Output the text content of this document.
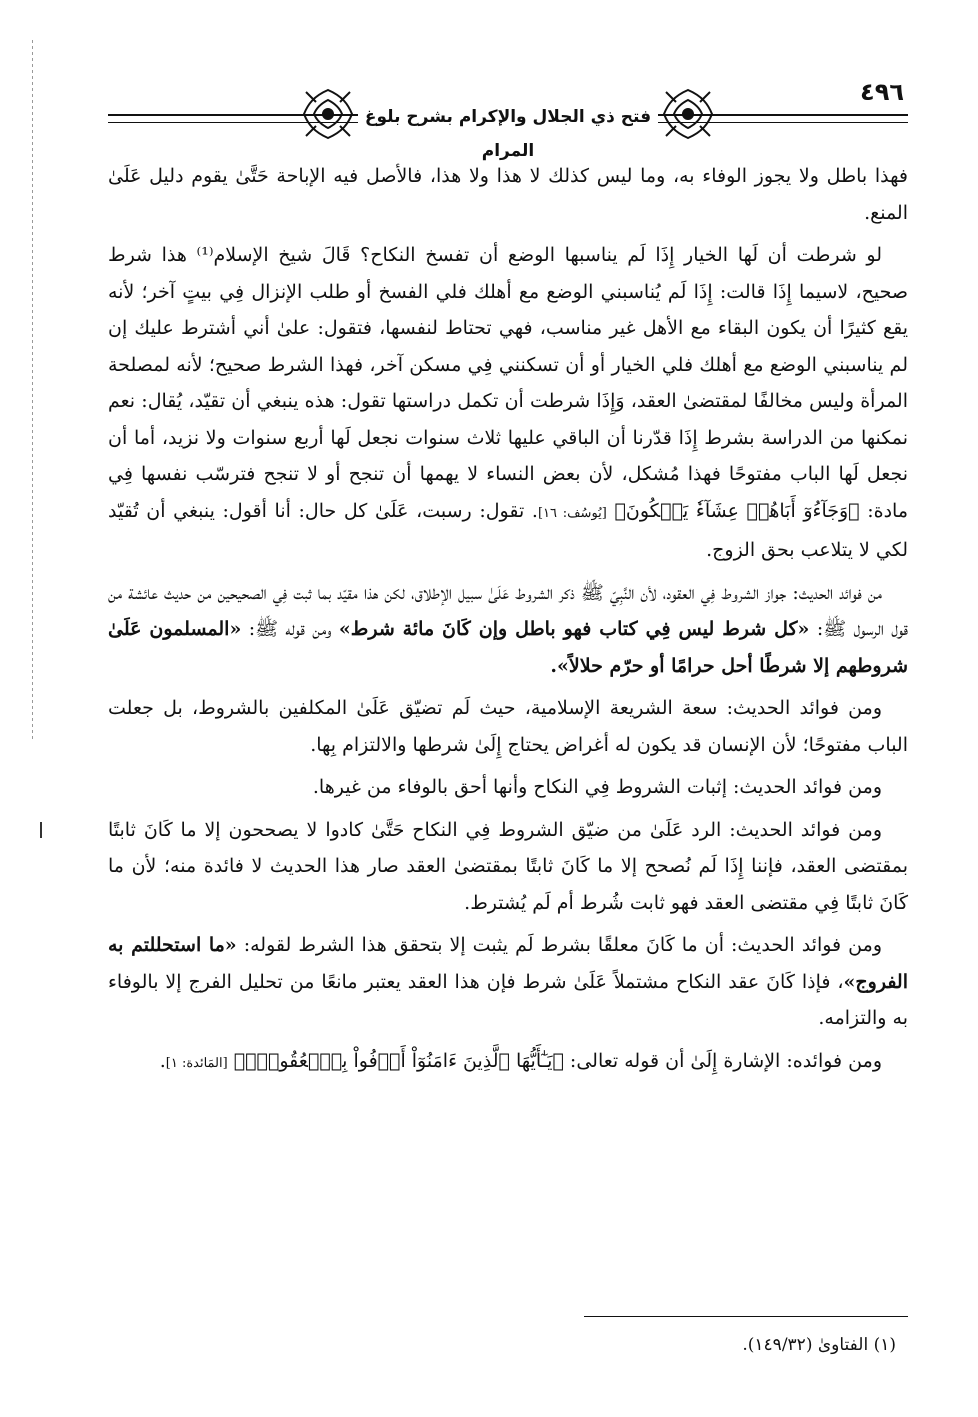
فتح ذي الجلال والإكرام بشرح بلوغ المرام
٤٩٦

فهذا باطل ولا يجوز الوفاء به، وما ليس كذلك لا هذا ولا هذا، فالأصل فيه الإباحة حَتَّىٰ يقوم دليل عَلَىٰ المنع.

لو شرطت أن لَها الخيار إِذَا لَم يناسبها الوضع أن تفسخ النكاح؟ قَالَ شيخ الإسلام⁽¹⁾ هذا شرط صحيح، لاسيما إِذَا قالت: إِذَا لَم يُناسبني الوضع مع أهلك فلي الفسخ أو طلب الإنزال فِي بيتٍ آخر؛ لأنه يقع كثيرًا أن يكون البقاء مع الأهل غير مناسب، فهي تحتاط لنفسها، فتقول: علىٰ أني أشترط عليك إن لم يناسبني الوضع مع أهلك فلي الخيار أو أن تسكنني فِي مسكن آخر، فهذا الشرط صحيح؛ لأنه لمصلحة المرأة وليس مخالفًا لمقتضىٰ العقد، وَإِذَا شرطت أن تكمل دراستها تقول: هذه ينبغي أن تقيّد، يُقال: نعم نمكنها من الدراسة بشرط إِذَا قدّرنا أن الباقي عليها ثلاث سنوات نجعل لَها أربع سنوات ولا نزيد، أما أن نجعل لَها الباب مفتوحًا فهذا مُشكل، لأن بعض النساء لا يهمها أن تنجح أو لا تنجح فترسّب نفسها فِي مادة: ﴿وَجَآءُوٓ أَبَاهُمۡ عِشَآءٗ يَبۡكُونَ﴾ [يُوسُف: ١٦]. تقول: رسبت، عَلَىٰ كل حال: أنا أقول: ينبغي أن تُقيّد لكي لا يتلاعب بحق الزوج.

من فوائد الحديث: جواز الشروط فِي العقود، لأن النَّبِيّ ﷺ ذكر الشروط عَلَىٰ سبيل الإطلاق، لكن هذا مقيّد بما ثبت فِي الصحيحين من حديث عائشة من قول الرسول ﷺ: «كل شرط ليس فِي كتاب فهو باطل وإن كَانَ مائة شرط» ومن قوله ﷺ: «المسلمون عَلَىٰ شروطهم إلا شرطًا أحل حرامًا أو حرّم حلالاً».

ومن فوائد الحديث: سعة الشريعة الإسلامية، حيث لَم تضيّق عَلَىٰ المكلفين بالشروط، بل جعلت الباب مفتوحًا؛ لأن الإنسان قد يكون له أغراض يحتاج إِلَىٰ شرطها والالتزام بِها.

ومن فوائد الحديث: إثبات الشروط فِي النكاح وأنها أحق بالوفاء من غيرها.

ومن فوائد الحديث: الرد عَلَىٰ من ضيّق الشروط فِي النكاح حَتَّىٰ كادوا لا يصححون إلا ما كَانَ ثابتًا بمقتضى العقد، فإننا إِذَا لَم نُصحح إلا ما كَانَ ثابتًا بمقتضىٰ العقد صار هذا الحديث لا فائدة منه؛ لأن ما كَانَ ثابتًا فِي مقتضى العقد فهو ثابت شُرط أم لَم يُشترط.

ومن فوائد الحديث: أن ما كَانَ معلقًا بشرط لَم يثبت إلا بتحقق هذا الشرط لقوله: «ما استحللتم به الفروج»، فإذا كَانَ عقد النكاح مشتملاً عَلَىٰ شرط فإن هذا العقد يعتبر مانعًا من تحليل الفرج إلا بالوفاء به والتزامه.

ومن فوائده: الإشارة إِلَىٰ أن قوله تعالى: ﴿يَـٰٓأَيُّهَا ٱلَّذِينَ ءَامَنُوٓاْ أَوۡفُواْ بِٱلۡعُقُودِۚ﴾ [المَائدة: ١].

(١) الفتاوىٰ (١٤٩/٣٢).
